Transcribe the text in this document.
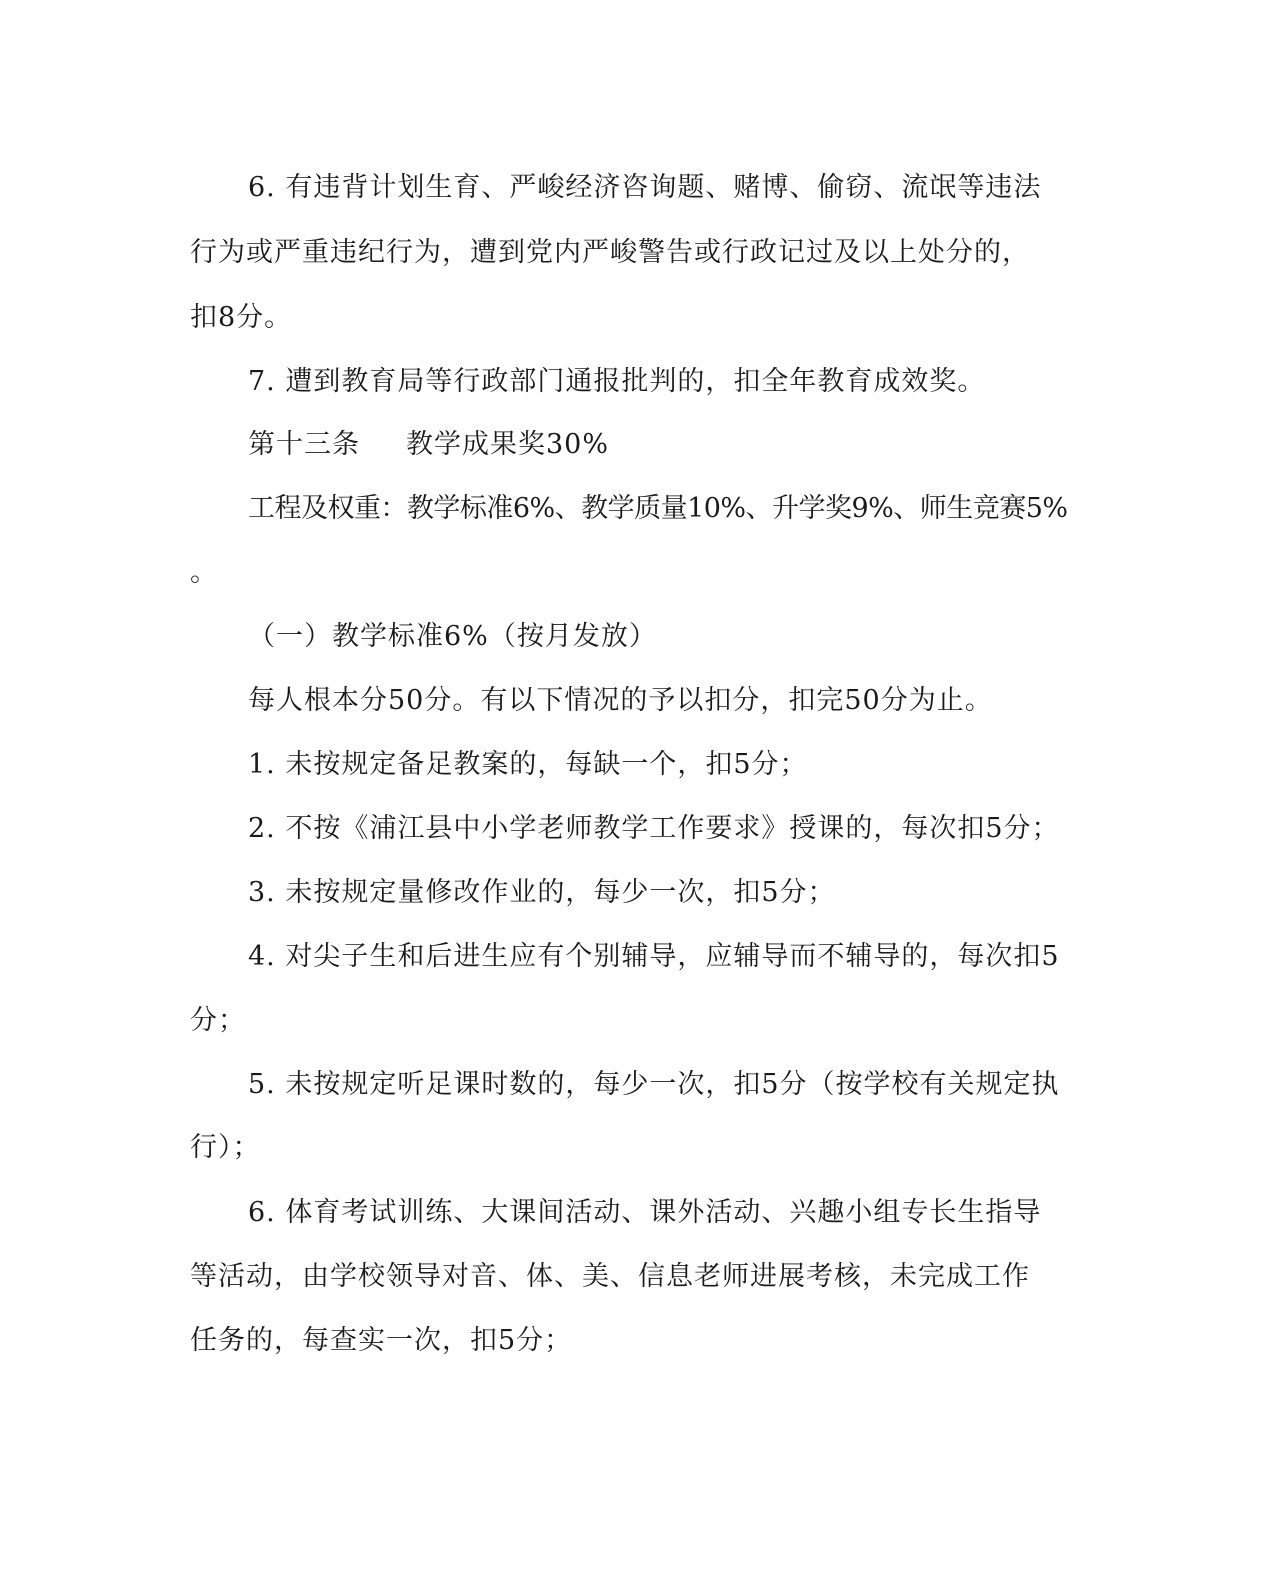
6. 有违背计划生育、严峻经济咨询题、赌博、偷窃、流氓等违法
行为或严重违纪行为，遭到党内严峻警告或行政记过及以上处分的，
扣8分。
7. 遭到教育局等行政部门通报批判的，扣全年教育成效奖。
第十三条 教学成果奖30%
工程及权重：教学标准6%、教学质量10%、升学奖9%、师生竞赛5%
。
（一）教学标准6%（按月发放）
每人根本分50分。有以下情况的予以扣分，扣完50分为止。
1. 未按规定备足教案的，每缺一个，扣5分；
2. 不按《浦江县中小学老师教学工作要求》授课的，每次扣5分；
3. 未按规定量修改作业的，每少一次，扣5分；
4. 对尖子生和后进生应有个别辅导，应辅导而不辅导的，每次扣5
分；
5. 未按规定听足课时数的，每少一次，扣5分（按学校有关规定执
行）；
6. 体育考试训练、大课间活动、课外活动、兴趣小组专长生指导
等活动，由学校领导对音、体、美、信息老师进展考核，未完成工作
任务的，每查实一次，扣5分；
